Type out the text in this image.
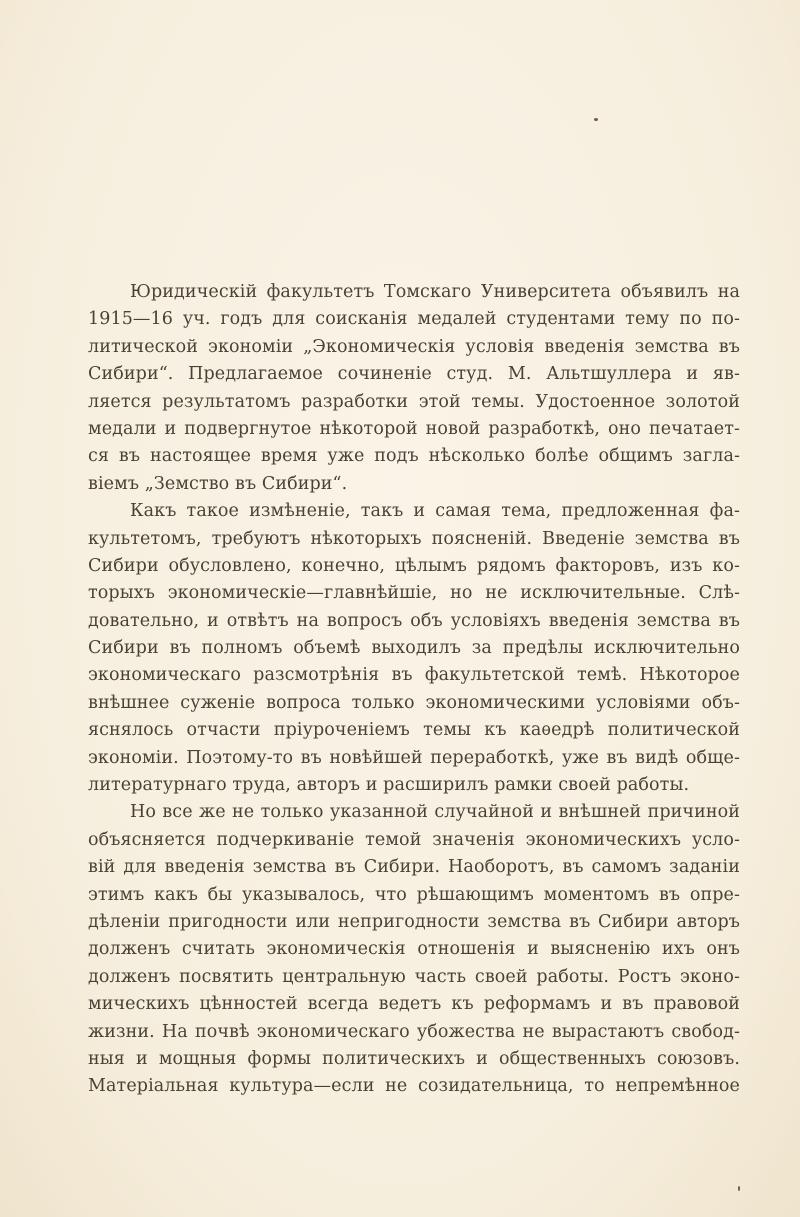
Юридическій факультетъ Томскаго Университета объявилъ на
1915—16 уч. годъ для соисканія медалей студентами тему по по-
литической экономіи „Экономическія условія введенія земства въ
Сибири“. Предлагаемое сочиненіе студ. М. Альтшуллера и яв-
ляется результатомъ разработки этой темы. Удостоенное золотой
медали и подвергнутое нѣкоторой новой разработкѣ, оно печатает-
ся въ настоящее время уже подъ нѣсколько болѣе общимъ загла-
віемъ „Земство въ Сибири“.
Какъ такое измѣненіе, такъ и самая тема, предложенная фа-
культетомъ, требуютъ нѣкоторыхъ поясненій. Введеніе земства въ
Сибири обусловлено, конечно, цѣлымъ рядомъ факторовъ, изъ ко-
торыхъ экономическіе—главнѣйшіе, но не исключительные. Слѣ-
довательно, и отвѣтъ на вопросъ объ условіяхъ введенія земства въ
Сибири въ полномъ объемѣ выходилъ за предѣлы исключительно
экономическаго разсмотрѣнія въ факультетской темѣ. Нѣкоторое
внѣшнее суженіе вопроса только экономическими условіями объ-
яснялось отчасти пріуроченіемъ темы къ каѳедрѣ политической
экономіи. Поэтому-то въ новѣйшей переработкѣ, уже въ видѣ обще-
литературнаго труда, авторъ и расширилъ рамки своей работы.
Но все же не только указанной случайной и внѣшней причиной
объясняется подчеркиваніе темой значенія экономическихъ усло-
вій для введенія земства въ Сибири. Наоборотъ, въ самомъ заданіи
этимъ какъ бы указывалось, что рѣшающимъ моментомъ въ опре-
дѣленіи пригодности или непригодности земства въ Сибири авторъ
долженъ считать экономическія отношенія и выясненію ихъ онъ
долженъ посвятить центральную часть своей работы. Ростъ эконо-
мическихъ цѣнностей всегда ведетъ къ реформамъ и въ правовой
жизни. На почвѣ экономическаго убожества не вырастаютъ свобод-
ныя и мощныя формы политическихъ и общественныхъ союзовъ.
Матеріальная культура—если не созидательница, то непремѣнное
